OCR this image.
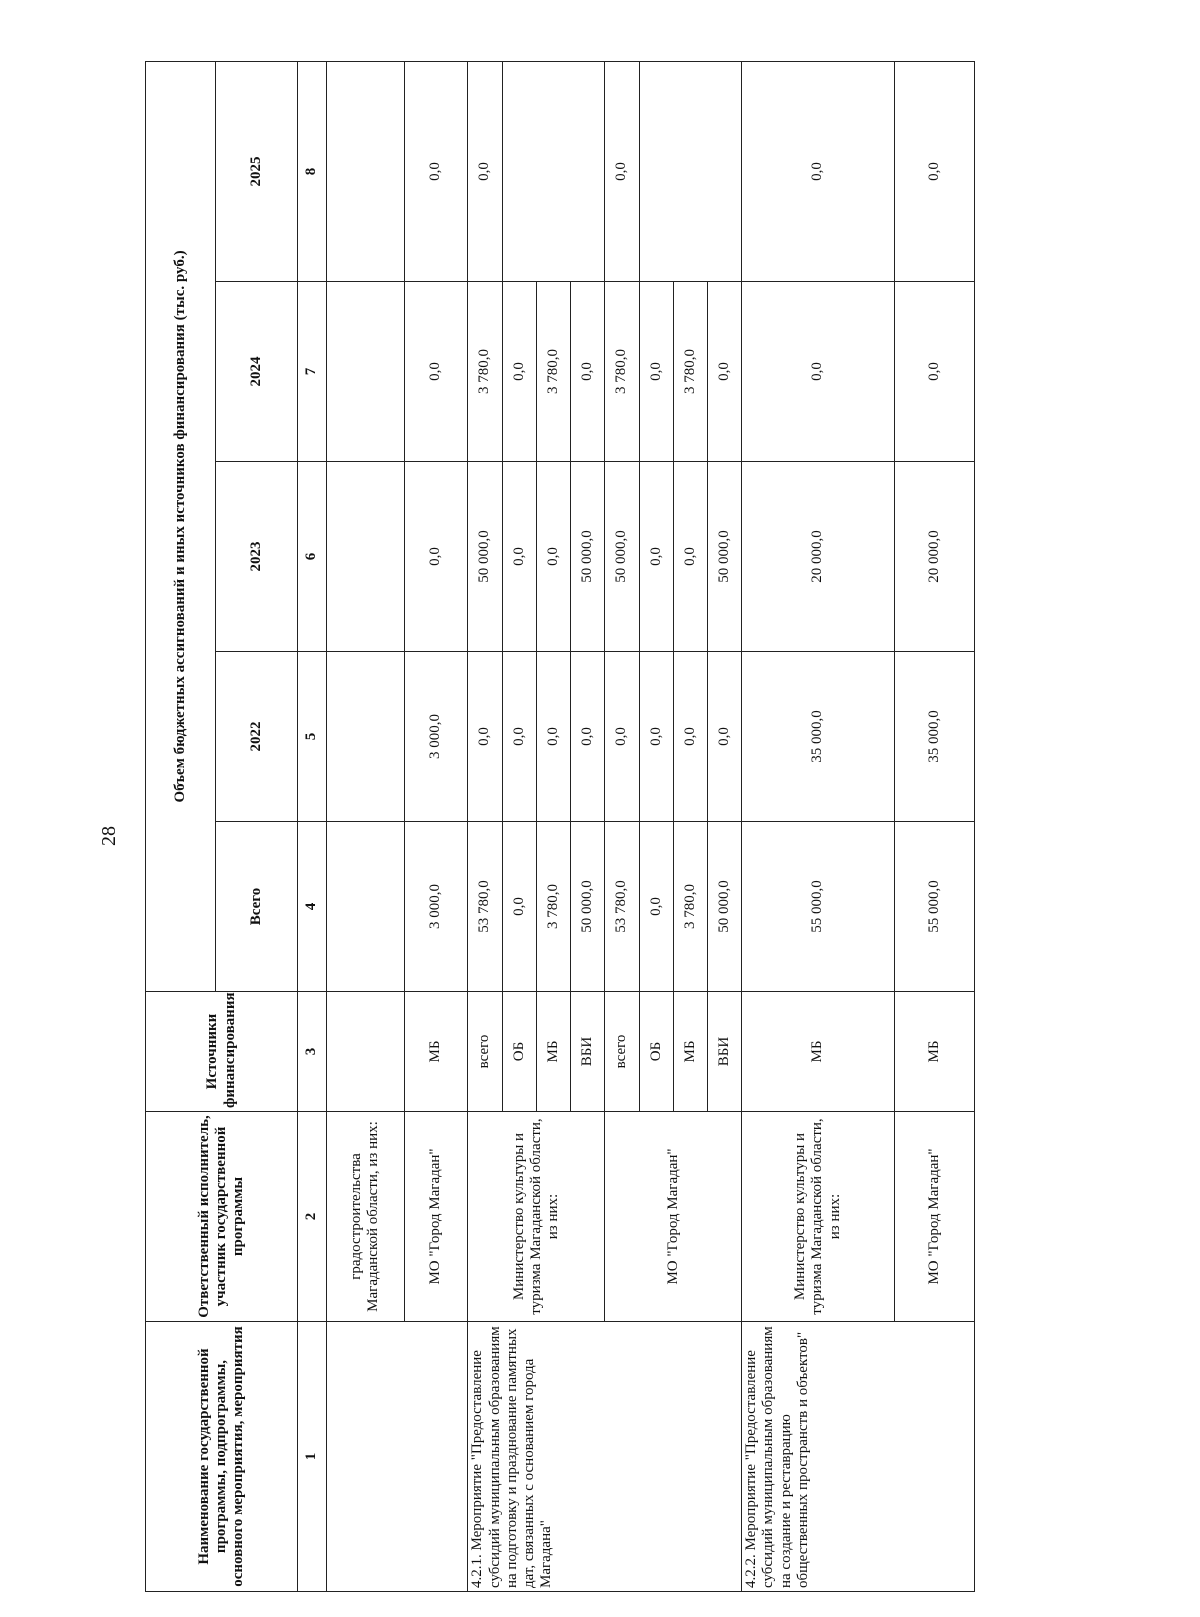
28
Наименование государственной программы, подпрограммы, основного мероприятия, мероприятия	Ответственный исполнитель, участник государственной программы	Источники финансирования	Объем бюджетных ассигнований и иных источников финансирования (тыс. руб.)				
			Всего	2022	2023	2024	2025
1	2	3	4	5	6	7	8
	градостроительства Магаданской области, из них:						
	МО "Город Магадан"	МБ	3 000,0	3 000,0	0,0	0,0	0,0
4.2.1. Мероприятие "Предоставление субсидий муниципальным образованиям на подготовку и празднование памятных дат, связанных с основанием города Магадана"	Министерство культуры и туризма Магаданской области, из них:	всего	53 780,0	0,0	50 000,0	3 780,0	0,0
		ОБ	0,0	0,0	0,0	0,0	
		МБ	3 780,0	0,0	0,0	3 780,0	
		ВБИ	50 000,0	0,0	50 000,0	0,0	
	МО "Город Магадан"	всего	53 780,0	0,0	50 000,0	3 780,0	0,0
		ОБ	0,0	0,0	0,0	0,0	
		МБ	3 780,0	0,0	0,0	3 780,0	
		ВБИ	50 000,0	0,0	50 000,0	0,0	
4.2.2. Мероприятие "Предоставление субсидий муниципальным образованиям на создание и реставрацию общественных пространств и объектов"	Министерство культуры и туризма Магаданской области, из них:	МБ	55 000,0	35 000,0	20 000,0	0,0	0,0
	МО "Город Магадан"	МБ	55 000,0	35 000,0	20 000,0	0,0	0,0
